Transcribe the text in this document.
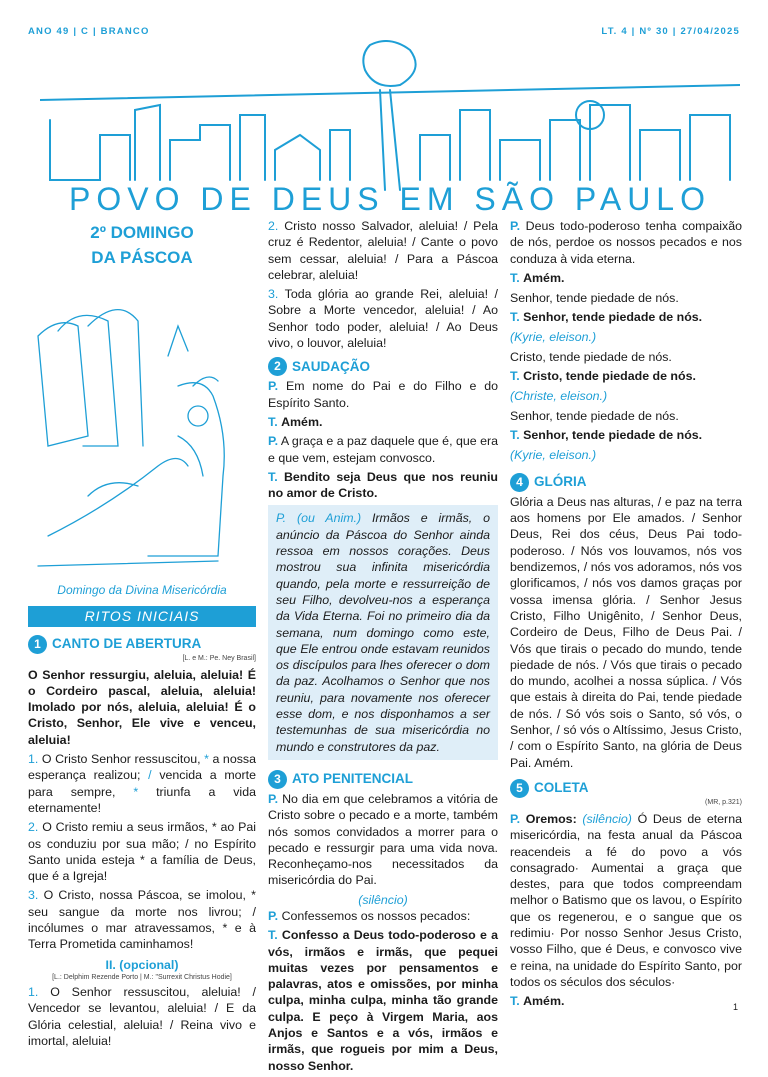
ANO 49 | C | BRANCO	LT. 4 | Nº 30 | 27/04/2025
POVO DE DEUS EM SÃO PAULO
2º DOMINGO
DA PÁSCOA
Domingo da Divina Misericórdia
RITOS INICIAIS
1 CANTO DE ABERTURA
[L. e M.: Pe. Ney Brasil]

O Senhor ressurgiu, aleluia, aleluia! É o Cordeiro pascal, aleluia, aleluia! Imolado por nós, aleluia, aleluia! É o Cristo, Senhor, Ele vive e venceu, aleluia!

1. O Cristo Senhor ressuscitou, * a nossa esperança realizou; / vencida a morte para sempre, * triunfa a vida eternamente!

2. O Cristo remiu a seus irmãos, * ao Pai os conduziu por sua mão; / no Espírito Santo unida esteja * a família de Deus, que é a Igreja!

3. O Cristo, nossa Páscoa, se imolou, * seu sangue da morte nos livrou; / incólumes o mar atravessamos, * e à Terra Prometida caminhamos!

II. (opcional)
[L.: Delphim Rezende Porto | M.: "Surrexit Christus Hodie]

1. O Senhor ressuscitou, aleluia! / Vencedor se levantou, aleluia! / E da Glória celestial, aleluia! / Reina vivo e imortal, aleluia!

2. Cristo nosso Salvador, aleluia! / Pela cruz é Redentor, aleluia! / Cante o povo sem cessar, aleluia! / Para a Páscoa celebrar, aleluia!

3. Toda glória ao grande Rei, aleluia! / Sobre a Morte vencedor, aleluia! / Ao Senhor todo poder, aleluia! / Ao Deus vivo, o louvor, aleluia!

2 SAUDAÇÃO

P. Em nome do Pai e do Filho e do Espírito Santo.

T. Amém.

P. A graça e a paz daquele que é, que era e que vem, estejam convosco.

T. Bendito seja Deus que nos reuniu no amor de Cristo.

P. (ou Anim.) Irmãos e irmãs, o anúncio da Páscoa do Senhor ainda ressoa em nossos corações. Deus mostrou sua infinita misericórdia quando, pela morte e ressurreição de seu Filho, devolveu-nos a esperança da Vida Eterna. Foi no primeiro dia da semana, num domingo como este, que Ele entrou onde estavam reunidos os discípulos para lhes oferecer o dom da paz. Acolhamos o Senhor que nos reuniu, para novamente nos oferecer esse dom, e nos disponhamos a ser testemunhas de sua misericórdia no mundo e construtores da paz.

3 ATO PENITENCIAL

P. No dia em que celebramos a vitória de Cristo sobre o pecado e a morte, também nós somos convidados a morrer para o pecado e ressurgir para uma vida nova. Reconheçamo-nos necessitados da misericórdia do Pai.

(silêncio)

P. Confessemos os nossos pecados:

T. Confesso a Deus todo-poderoso e a vós, irmãos e irmãs, que pequei muitas vezes por pensamentos e palavras, atos e omissões, por minha culpa, minha culpa, minha tão grande culpa. E peço à Virgem Maria, aos Anjos e Santos e a vós, irmãos e irmãs, que rogueis por mim a Deus, nosso Senhor.

P. Deus todo-poderoso tenha compaixão de nós, perdoe os nossos pecados e nos conduza à vida eterna.

T. Amém.

Senhor, tende piedade de nós.

T. Senhor, tende piedade de nós.

(Kyrie, eleison.)

Cristo, tende piedade de nós.

T. Cristo, tende piedade de nós.

(Christe, eleison.)

Senhor, tende piedade de nós.

T. Senhor, tende piedade de nós.

(Kyrie, eleison.)

4 GLÓRIA

Glória a Deus nas alturas, / e paz na terra aos homens por Ele amados. / Senhor Deus, Rei dos céus, Deus Pai todo-poderoso. / Nós vos louvamos, nós vos bendizemos, / nós vos adoramos, nós vos glorificamos, / nós vos damos graças por vossa imensa glória. / Senhor Jesus Cristo, Filho Unigênito, / Senhor Deus, Cordeiro de Deus, Filho de Deus Pai. / Vós que tirais o pecado do mundo, tende piedade de nós. / Vós que tirais o pecado do mundo, acolhei a nossa súplica. / Vós que estais à direita do Pai, tende piedade de nós. / Só vós sois o Santo, só vós, o Senhor, / só vós o Altíssimo, Jesus Cristo, / com o Espírito Santo, na glória de Deus Pai. Amém.

5 COLETA
(MR, p.321)

P. Oremos: (silêncio) Ó Deus de eterna misericórdia, na festa anual da Páscoa reacendeis a fé do povo a vós consagrado· Aumentai a graça que destes, para que todos compreendam melhor o Batismo que os lavou, o Espírito que os regenerou, e o sangue que os redimiu· Por nosso Senhor Jesus Cristo, vosso Filho, que é Deus, e convosco vive e reina, na unidade do Espírito Santo, por todos os séculos dos séculos·

T. Amém.	1
